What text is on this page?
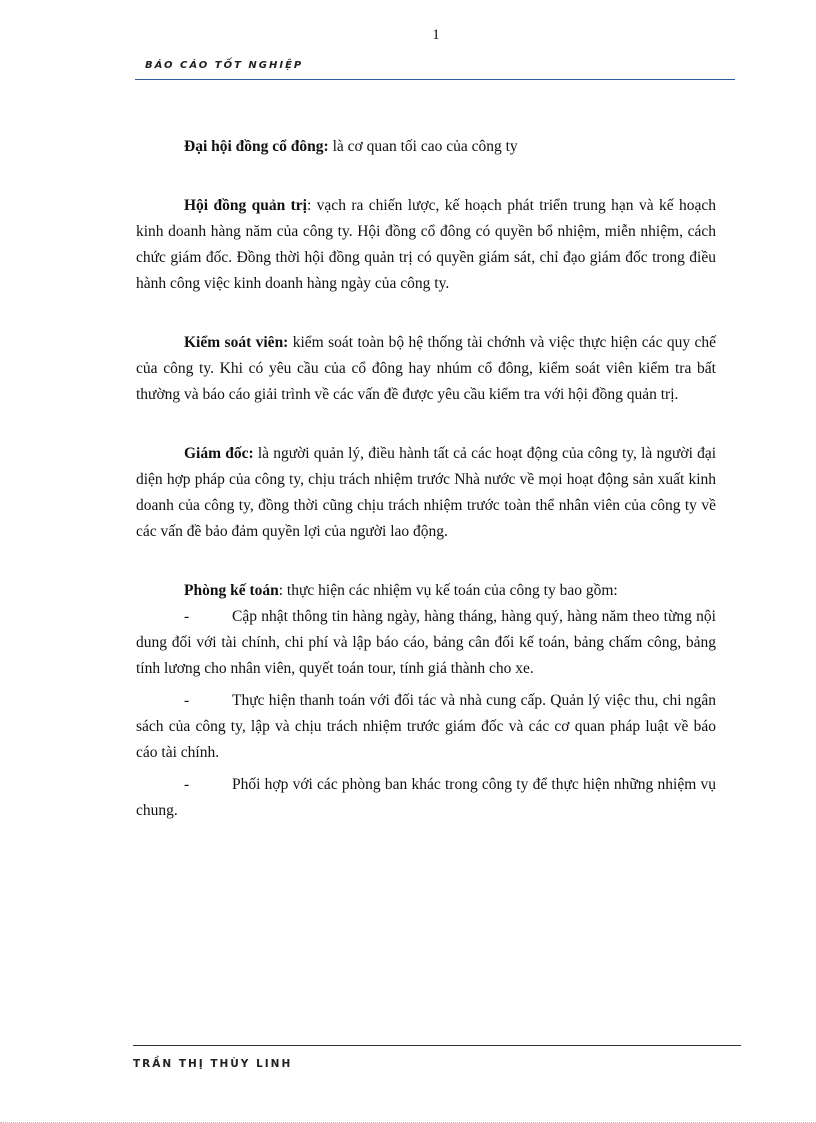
1
BÁO CÁO TỐT NGHIỆP

Đại hội đồng cổ đông: là cơ quan tối cao của công ty

Hội đồng quản trị: vạch ra chiến lược, kế hoạch phát triển trung hạn và kế hoạch kinh doanh hàng năm của công ty. Hội đồng cổ đông có quyền bổ nhiệm, miễn nhiệm, cách chức giám đốc. Đồng thời hội đồng quản trị có quyền giám sát, chỉ đạo giám đốc trong điều hành công việc kinh doanh hàng ngày của công ty.

Kiểm soát viên: kiểm soát toàn bộ hệ thống tài chớnh và việc thực hiện các quy chế của công ty. Khi có yêu cầu của cổ đông hay nhúm cổ đông, kiểm soát viên kiểm tra bất thường và báo cáo giải trình về các vấn đề được yêu cầu kiểm tra với hội đồng quản trị.

Giám đốc: là người quản lý, điều hành tất cả các hoạt động của công ty, là người đại diện hợp pháp của công ty, chịu trách nhiệm trước Nhà nước về mọi hoạt động sản xuất kinh doanh của công ty, đồng thời cũng chịu trách nhiệm trước toàn thể nhân viên của công ty về các vấn đề bảo đảm quyền lợi của người lao động.

Phòng kế toán: thực hiện các nhiệm vụ kế toán của công ty bao gồm:

-	Cập nhật thông tin hàng ngày, hàng tháng, hàng quý, hàng năm theo từng nội dung đối với tài chính, chi phí và lập báo cáo, bảng cân đối kế toán, bảng chấm công, bảng tính lương cho nhân viên, quyết toán tour, tính giá thành cho xe.

-	Thực hiện thanh toán với đối tác và nhà cung cấp. Quản lý việc thu, chi ngân sách của công ty, lập và chịu trách nhiệm trước giám đốc và các cơ quan pháp luật về báo cáo tài chính.

-	Phối hợp với các phòng ban khác trong công ty để thực hiện những nhiệm vụ chung.

TRẦN THỊ THÙY LINH
